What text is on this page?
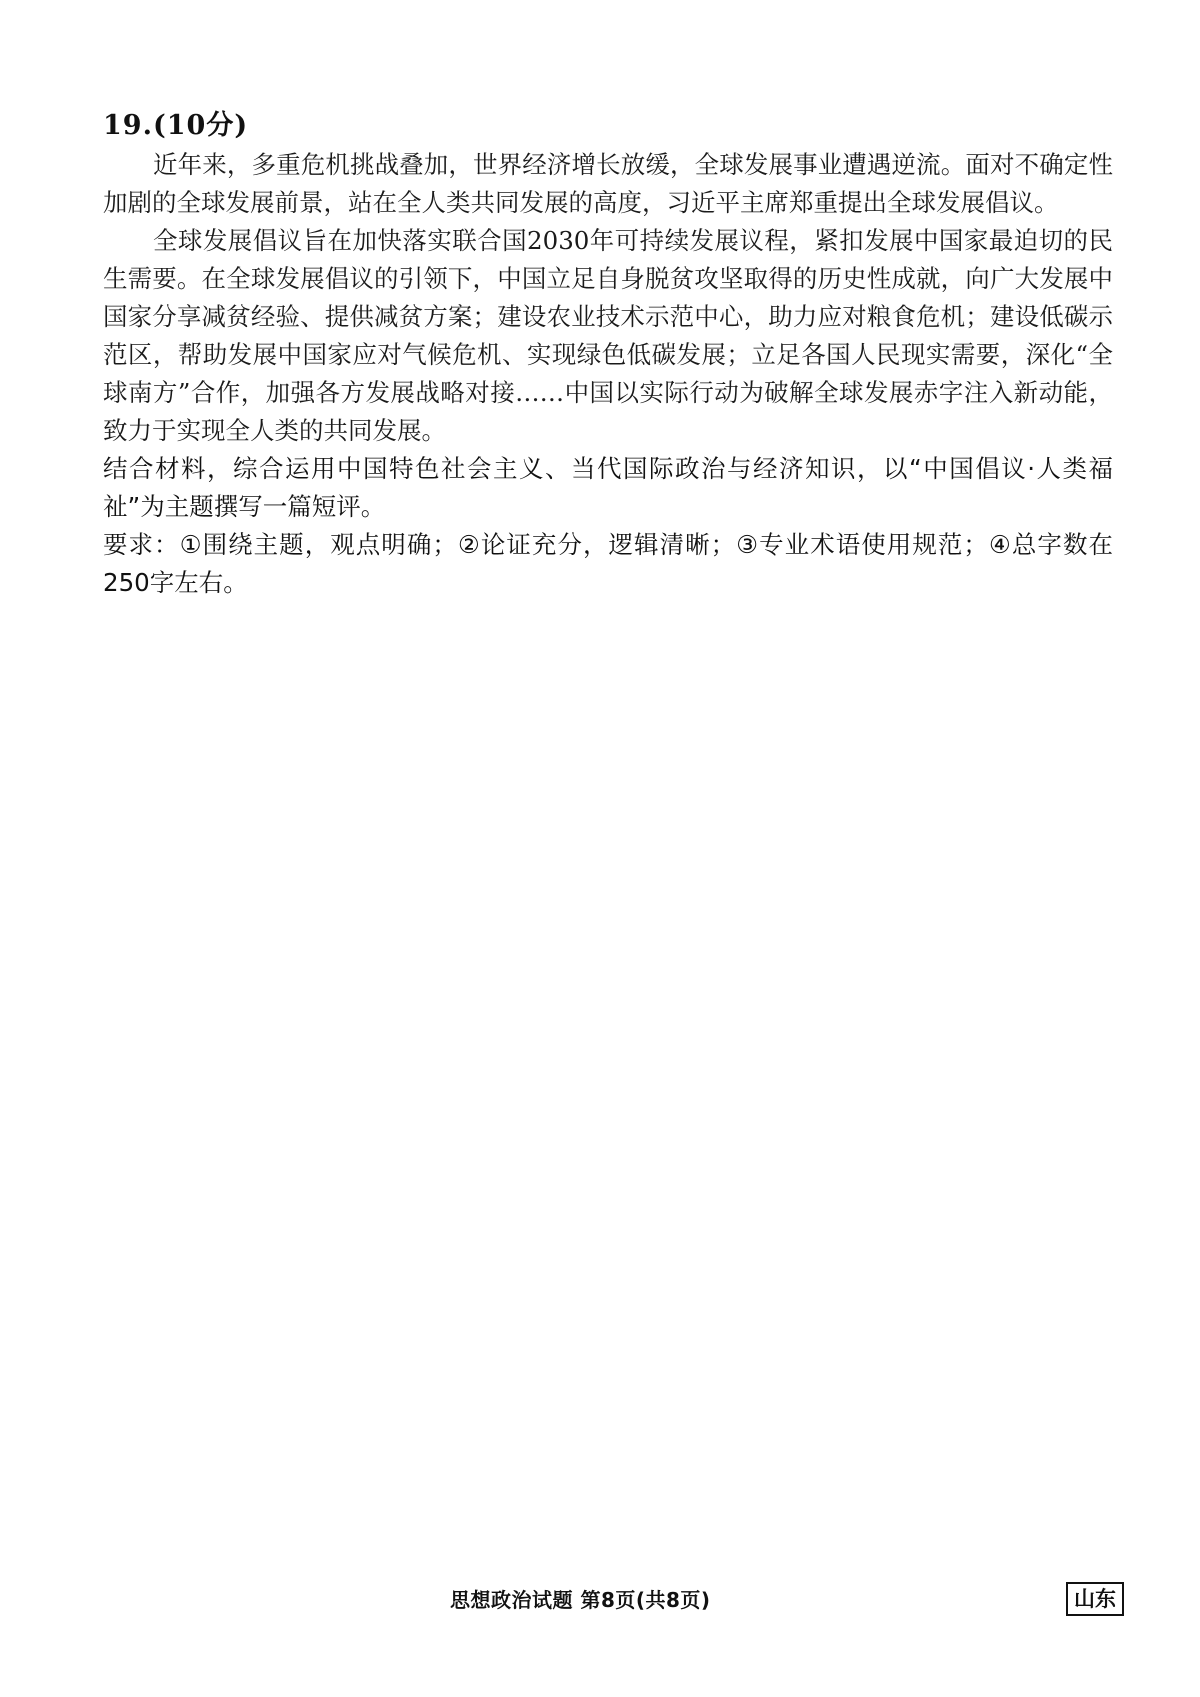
19.(10分)

近年来，多重危机挑战叠加，世界经济增长放缓，全球发展事业遭遇逆流。面对不确定性加剧的全球发展前景，站在全人类共同发展的高度，习近平主席郑重提出全球发展倡议。

全球发展倡议旨在加快落实联合国2030年可持续发展议程，紧扣发展中国家最迫切的民生需要。在全球发展倡议的引领下，中国立足自身脱贫攻坚取得的历史性成就，向广大发展中国家分享减贫经验、提供减贫方案；建设农业技术示范中心，助力应对粮食危机；建设低碳示范区，帮助发展中国家应对气候危机、实现绿色低碳发展；立足各国人民现实需要，深化“全球南方”合作，加强各方发展战略对接……中国以实际行动为破解全球发展赤字注入新动能，致力于实现全人类的共同发展。

结合材料，综合运用中国特色社会主义、当代国际政治与经济知识，以“中国倡议·人类福祉”为主题撰写一篇短评。

要求：①围绕主题，观点明确；②论证充分，逻辑清晰；③专业术语使用规范；④总字数在250字左右。

思想政治试题 第8页(共8页)	山东
